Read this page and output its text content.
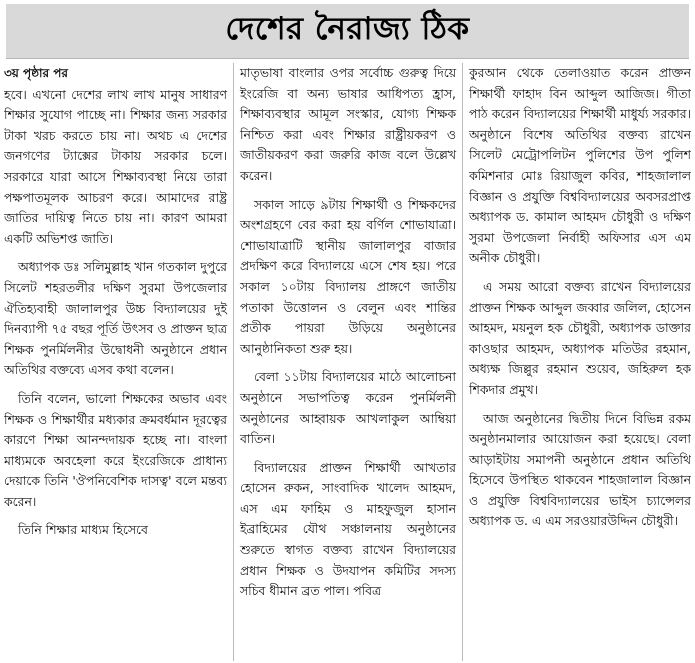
দেশের নৈরাজ্য ঠিক
৩য় পৃষ্ঠার পর

হবে। এখনো দেশের লাখ লাখ মানুষ সাধারণ শিক্ষার সুযোগ পাচ্ছে না। শিক্ষার জন্য সরকার টাকা খরচ করতে চায় না। অথচ এ দেশের জনগণের ট্যাক্সের টাকায় সরকার চলে। সরকারে যারা আসে শিক্ষাব্যবস্থা নিয়ে তারা পক্ষপাতমূলক আচরণ করে। আমাদের রাষ্ট্র জাতির দায়িত্ব নিতে চায় না। কারণ আমরা একটি অভিশপ্ত জাতি।

অধ্যাপক ডঃ সলিমুল্লাহ খান গতকাল দুপুরে সিলেট শহরতলীর দক্ষিণ সুরমা উপজেলার ঐতিহ্যবাহী জালালপুর উচ্চ বিদ্যালয়ের দুই দিনব্যাপী ৭৫ বছর পূর্তি উৎসব ও প্রাক্তন ছাত্র শিক্ষক পুনর্মিলনীর উদ্বোধনী অনুষ্ঠানে প্রধান অতিথির বক্তব্যে এসব কথা বলেন।

তিনি বলেন, ভালো শিক্ষকের অভাব এবং শিক্ষক ও শিক্ষার্থীর মধ্যকার ক্রমবর্ধমান দূরত্বের কারণে শিক্ষা আনন্দদায়ক হচ্ছে না। বাংলা মাধ্যমকে অবহেলা করে ইংরেজিকে প্রাধান্য দেয়াকে তিনি 'ঔপনিবেশিক দাসত্ব' বলে মন্তব্য করেন।

তিনি শিক্ষার মাধ্যম হিসেবে

মাতৃভাষা বাংলার ওপর সর্বোচ্চ গুরুত্ব দিয়ে ইংরেজি বা অন্য ভাষার আধিপত্য হ্রাস, শিক্ষাব্যবস্থার আমূল সংস্কার, যোগ্য শিক্ষক নিশ্চিত করা এবং শিক্ষার রাষ্ট্রীয়করণ ও জাতীয়করণ করা জরুরি কাজ বলে উল্লেখ করেন।

সকাল সাড়ে ৯টায় শিক্ষার্থী ও শিক্ষকদের অংশগ্রহণে বের করা হয় বর্ণিল শোভাযাত্রা। শোভাযাত্রাটি স্থানীয় জালালপুর বাজার প্রদক্ষিণ করে বিদ্যালয়ে এসে শেষ হয়। পরে সকাল ১০টায় বিদ্যালয় প্রাঙ্গণে জাতীয় পতাকা উত্তোলন ও বেলুন এবং শান্তির প্রতীক পায়রা উড়িয়ে অনুষ্ঠানের আনুষ্ঠানিকতা শুরু হয়।

বেলা ১১টায় বিদ্যালয়ের মাঠে আলোচনা অনুষ্ঠানে সভাপতিত্ব করেন পুনর্মিলনী অনুষ্ঠানের আহ্বায়ক আখলাকুল আম্বিয়া বাতিন।

বিদ্যালয়ের প্রাক্তন শিক্ষার্থী আখতার হোসেন রুকন, সাংবাদিক খালেদ আহমদ, এস এম ফাহিম ও মাহফুজুল হাসান ইব্রাহিমের যৌথ সঞ্চালনায় অনুষ্ঠানের শুরুতে স্বাগত বক্তব্য রাখেন বিদ্যালয়ের প্রধান শিক্ষক ও উদযাপন কমিটির সদস্য সচিব ধীমান ব্রত পাল। পবিত্র

কুরআন থেকে তেলাওয়াত করেন প্রাক্তন শিক্ষার্থী ফাহাদ বিন আব্দুল আজিজ। গীতা পাঠ করেন বিদ্যালয়ের শিক্ষার্থী মাধুর্য্য সরকার। অনুষ্ঠানে বিশেষ অতিথির বক্তব্য রাখেন সিলেট মেট্রোপলিটন পুলিশের উপ পুলিশ কমিশনার মোঃ রিয়াজুল কবির, শাহজালাল বিজ্ঞান ও প্রযুক্তি বিশ্ববিদ্যালয়ের অবসরপ্রাপ্ত অধ্যাপক ড. কামাল আহমদ চৌধুরী ও দক্ষিণ সুরমা উপজেলা নির্বাহী অফিসার এস এম অনীক চৌধুরী।

এ সময় আরো বক্তব্য রাখেন বিদ্যালয়ের প্রাক্তন শিক্ষক আব্দুল জব্বার জলিল, হোসেন আহমদ, ময়নুল হক চৌধুরী, অধ্যাপক ডাক্তার কাওছার আহমদ, অধ্যাপক মতিউর রহমান, অধ্যক্ষ জিল্লুর রহমান শুয়েব, জহিরুল হক শিকদার প্রমুখ।

আজ অনুষ্ঠানের দ্বিতীয় দিনে বিভিন্ন রকম অনুষ্ঠানমালার আয়োজন করা হয়েছে। বেলা আড়াইটায় সমাপনী অনুষ্ঠানে প্রধান অতিথি হিসেবে উপস্থিত থাকবেন শাহজালাল বিজ্ঞান ও প্রযুক্তি বিশ্ববিদ্যালয়ের ভাইস চ্যান্সেলর অধ্যাপক ড. এ এম সরওয়ারউদ্দিন চৌধুরী।
